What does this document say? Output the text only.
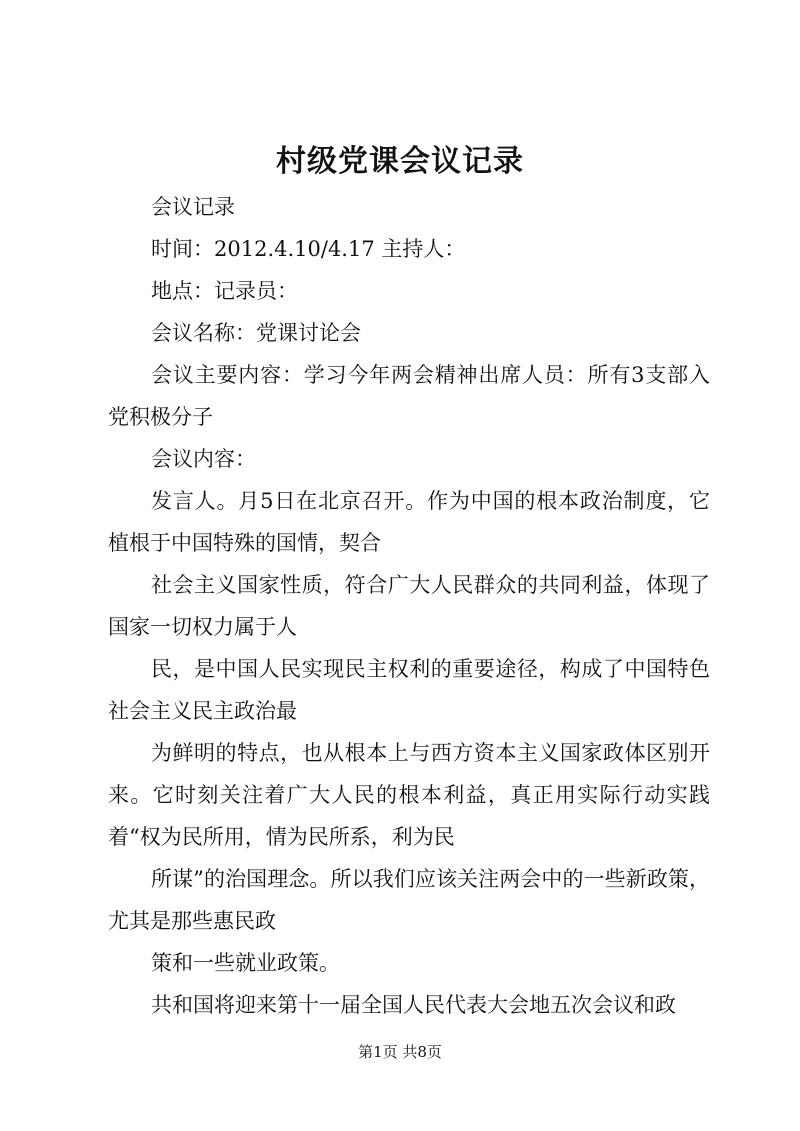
村级党课会议记录

会议记录

时间：2012.4.10/4.17 主持人：

地点：记录员：

会议名称：党课讨论会

会议主要内容：学习今年两会精神出席人员：所有3支部入党积极分子

会议内容：

发言人。月5日在北京召开。作为中国的根本政治制度，它植根于中国特殊的国情，契合

社会主义国家性质，符合广大人民群众的共同利益，体现了国家一切权力属于人

民，是中国人民实现民主权利的重要途径，构成了中国特色社会主义民主政治最

为鲜明的特点，也从根本上与西方资本主义国家政体区别开来。它时刻关注着广大人民的根本利益，真正用实际行动实践着“权为民所用，情为民所系，利为民

所谋”的治国理念。所以我们应该关注两会中的一些新政策，尤其是那些惠民政

策和一些就业政策。

共和国将迎来第十一届全国人民代表大会地五次会议和政

第1页 共8页
